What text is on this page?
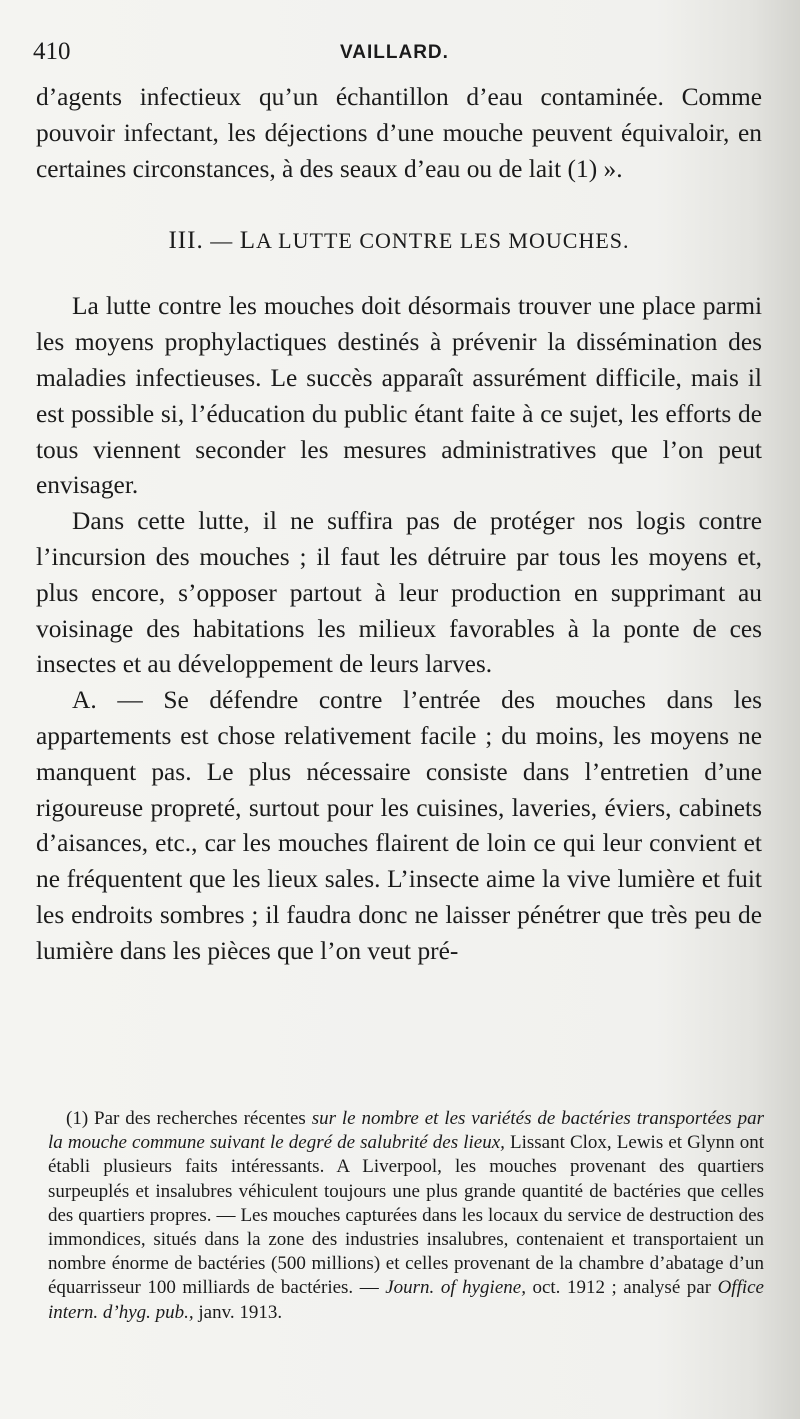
410	VAILLARD.

d’agents infectieux qu’un échantillon d’eau contaminée. Comme pouvoir infectant, les déjections d’une mouche peuvent équivaloir, en certaines circonstances, à des seaux d’eau ou de lait (1) ».

III. — LA LUTTE CONTRE LES MOUCHES.

La lutte contre les mouches doit désormais trouver une place parmi les moyens prophylactiques destinés à prévenir la dissémination des maladies infectieuses. Le succès apparaît assurément difficile, mais il est possible si, l’éducation du public étant faite à ce sujet, les efforts de tous viennent seconder les mesures administratives que l’on peut envisager.

Dans cette lutte, il ne suffira pas de protéger nos logis contre l’incursion des mouches ; il faut les détruire par tous les moyens et, plus encore, s’opposer partout à leur production en supprimant au voisinage des habitations les milieux favorables à la ponte de ces insectes et au développement de leurs larves.

A. — Se défendre contre l’entrée des mouches dans les appartements est chose relativement facile ; du moins, les moyens ne manquent pas. Le plus nécessaire consiste dans l’entretien d’une rigoureuse propreté, surtout pour les cuisines, laveries, éviers, cabinets d’aisances, etc., car les mouches flairent de loin ce qui leur convient et ne fréquentent que les lieux sales. L’insecte aime la vive lumière et fuit les endroits sombres ; il faudra donc ne laisser pénétrer que très peu de lumière dans les pièces que l’on veut pré-

(1) Par des recherches récentes sur le nombre et les variétés de bactéries transportées par la mouche commune suivant le degré de salubrité des lieux, Lissant Clox, Lewis et Glynn ont établi plusieurs faits intéressants. A Liverpool, les mouches provenant des quartiers surpeuplés et insalubres véhiculent toujours une plus grande quantité de bactéries que celles des quartiers propres. — Les mouches capturées dans les locaux du service de destruction des immondices, situés dans la zone des industries insalubres, contenaient et transportaient un nombre énorme de bactéries (500 millions) et celles provenant de la chambre d’abatage d’un équarrisseur 100 milliards de bactéries. — Journ. of hygiene, oct. 1912 ; analysé par Office intern. d’hyg. pub., janv. 1913.
